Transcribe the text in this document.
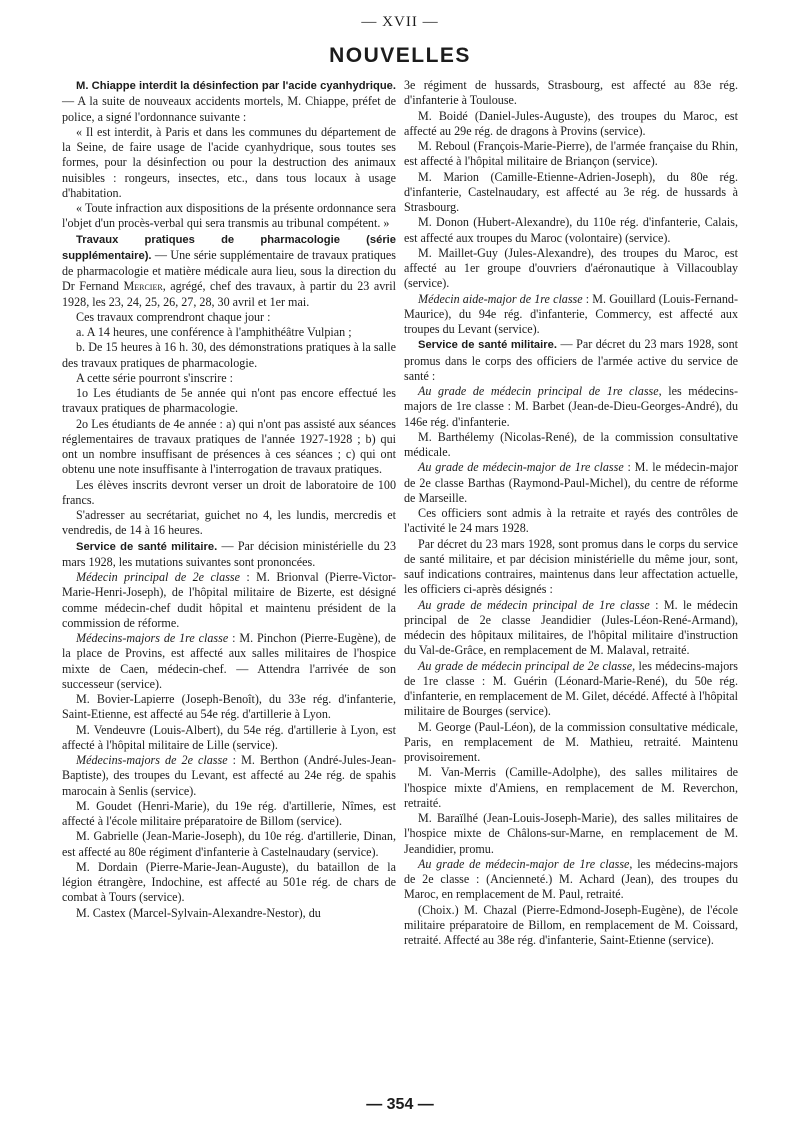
— XVII —
NOUVELLES

M. Chiappe interdit la désinfection par l'acide cyanhydrique. — A la suite de nouveaux accidents mortels, M. Chiappe, préfet de police, a signé l'ordonnance suivante :

« Il est interdit, à Paris et dans les communes du département de la Seine, de faire usage de l'acide cyanhydrique, sous toutes ses formes, pour la désinfection ou pour la destruction des animaux nuisibles : rongeurs, insectes, etc., dans tous locaux à usage d'habitation.

« Toute infraction aux dispositions de la présente ordonnance sera l'objet d'un procès-verbal qui sera transmis au tribunal compétent. »

Travaux pratiques de pharmacologie (série supplémentaire). — Une série supplémentaire de travaux pratiques de pharmacologie et matière médicale aura lieu, sous la direction du Dr Fernand Mercier, agrégé, chef des travaux, à partir du 23 avril 1928, les 23, 24, 25, 26, 27, 28, 30 avril et 1er mai.

Ces travaux comprendront chaque jour :

a. A 14 heures, une conférence à l'amphithéâtre Vulpian ;

b. De 15 heures à 16 h. 30, des démonstrations pratiques à la salle des travaux pratiques de pharmacologie.

A cette série pourront s'inscrire :

1o Les étudiants de 5e année qui n'ont pas encore effectué les travaux pratiques de pharmacologie.

2o Les étudiants de 4e année : a) qui n'ont pas assisté aux séances réglementaires de travaux pratiques de l'année 1927-1928 ; b) qui ont un nombre insuffisant de présences à ces séances ; c) qui ont obtenu une note insuffisante à l'interrogation de travaux pratiques.

Les élèves inscrits devront verser un droit de laboratoire de 100 francs.

S'adresser au secrétariat, guichet no 4, les lundis, mercredis et vendredis, de 14 à 16 heures.

Service de santé militaire. — Par décision ministérielle du 23 mars 1928, les mutations suivantes sont prononcées.

Médecin principal de 2e classe : M. Brionval (Pierre-Victor-Marie-Henri-Joseph), de l'hôpital militaire de Bizerte, est désigné comme médecin-chef dudit hôpital et maintenu président de la commission de réforme.

Médecins-majors de 1re classe : M. Pinchon (Pierre-Eugène), de la place de Provins, est affecté aux salles militaires de l'hospice mixte de Caen, médecin-chef. — Attendra l'arrivée de son successeur (service).

M. Bovier-Lapierre (Joseph-Benoît), du 33e rég. d'infanterie, Saint-Etienne, est affecté au 54e rég. d'artillerie à Lyon.

M. Vendeuvre (Louis-Albert), du 54e rég. d'artillerie à Lyon, est affecté à l'hôpital militaire de Lille (service).

Médecins-majors de 2e classe : M. Berthon (André-Jules-Jean-Baptiste), des troupes du Levant, est affecté au 24e rég. de spahis marocain à Senlis (service).

M. Goudet (Henri-Marie), du 19e rég. d'artillerie, Nîmes, est affecté à l'école militaire préparatoire de Billom (service).

M. Gabrielle (Jean-Marie-Joseph), du 10e rég. d'artillerie, Dinan, est affecté au 80e régiment d'infanterie à Castelnaudary (service).

M. Dordain (Pierre-Marie-Jean-Auguste), du bataillon de la légion étrangère, Indochine, est affecté au 501e rég. de chars de combat à Tours (service).

M. Castex (Marcel-Sylvain-Alexandre-Nestor), du

3e régiment de hussards, Strasbourg, est affecté au 83e rég. d'infanterie à Toulouse.

M. Boidé (Daniel-Jules-Auguste), des troupes du Maroc, est affecté au 29e rég. de dragons à Provins (service).

M. Reboul (François-Marie-Pierre), de l'armée française du Rhin, est affecté à l'hôpital militaire de Briançon (service).

M. Marion (Camille-Etienne-Adrien-Joseph), du 80e rég. d'infanterie, Castelnaudary, est affecté au 3e rég. de hussards à Strasbourg.

M. Donon (Hubert-Alexandre), du 110e rég. d'infanterie, Calais, est affecté aux troupes du Maroc (volontaire) (service).

M. Maillet-Guy (Jules-Alexandre), des troupes du Maroc, est affecté au 1er groupe d'ouvriers d'aéronautique à Villacoublay (service).

Médecin aide-major de 1re classe : M. Gouillard (Louis-Fernand-Maurice), du 94e rég. d'infanterie, Commercy, est affecté aux troupes du Levant (service).

Service de santé militaire. — Par décret du 23 mars 1928, sont promus dans le corps des officiers de l'armée active du service de santé :

Au grade de médecin principal de 1re classe, les médecins-majors de 1re classe : M. Barbet (Jean-de-Dieu-Georges-André), du 146e rég. d'infanterie.

M. Barthélemy (Nicolas-René), de la commission consultative médicale.

Au grade de médecin-major de 1re classe : M. le médecin-major de 2e classe Barthas (Raymond-Paul-Michel), du centre de réforme de Marseille.

Ces officiers sont admis à la retraite et rayés des contrôles de l'activité le 24 mars 1928.

Par décret du 23 mars 1928, sont promus dans le corps du service de santé militaire, et par décision ministérielle du même jour, sont, sauf indications contraires, maintenus dans leur affectation actuelle, les officiers ci-après désignés :

Au grade de médecin principal de 1re classe : M. le médecin principal de 2e classe Jeandidier (Jules-Léon-René-Armand), médecin des hôpitaux militaires, de l'hôpital militaire d'instruction du Val-de-Grâce, en remplacement de M. Malaval, retraité.

Au grade de médecin principal de 2e classe, les médecins-majors de 1re classe : M. Guérin (Léonard-Marie-René), du 50e rég. d'infanterie, en remplacement de M. Gilet, décédé. Affecté à l'hôpital militaire de Bourges (service).

M. George (Paul-Léon), de la commission consultative médicale, Paris, en remplacement de M. Mathieu, retraité. Maintenu provisoirement.

M. Van-Merris (Camille-Adolphe), des salles militaires de l'hospice mixte d'Amiens, en remplacement de M. Reverchon, retraité.

M. Baraïlhé (Jean-Louis-Joseph-Marie), des salles militaires de l'hospice mixte de Châlons-sur-Marne, en remplacement de M. Jeandidier, promu.

Au grade de médecin-major de 1re classe, les médecins-majors de 2e classe : (Ancienneté.) M. Achard (Jean), des troupes du Maroc, en remplacement de M. Paul, retraité.

(Choix.) M. Chazal (Pierre-Edmond-Joseph-Eugène), de l'école militaire préparatoire de Billom, en remplacement de M. Coissard, retraité. Affecté au 38e rég. d'infanterie, Saint-Etienne (service).

— 354 —
